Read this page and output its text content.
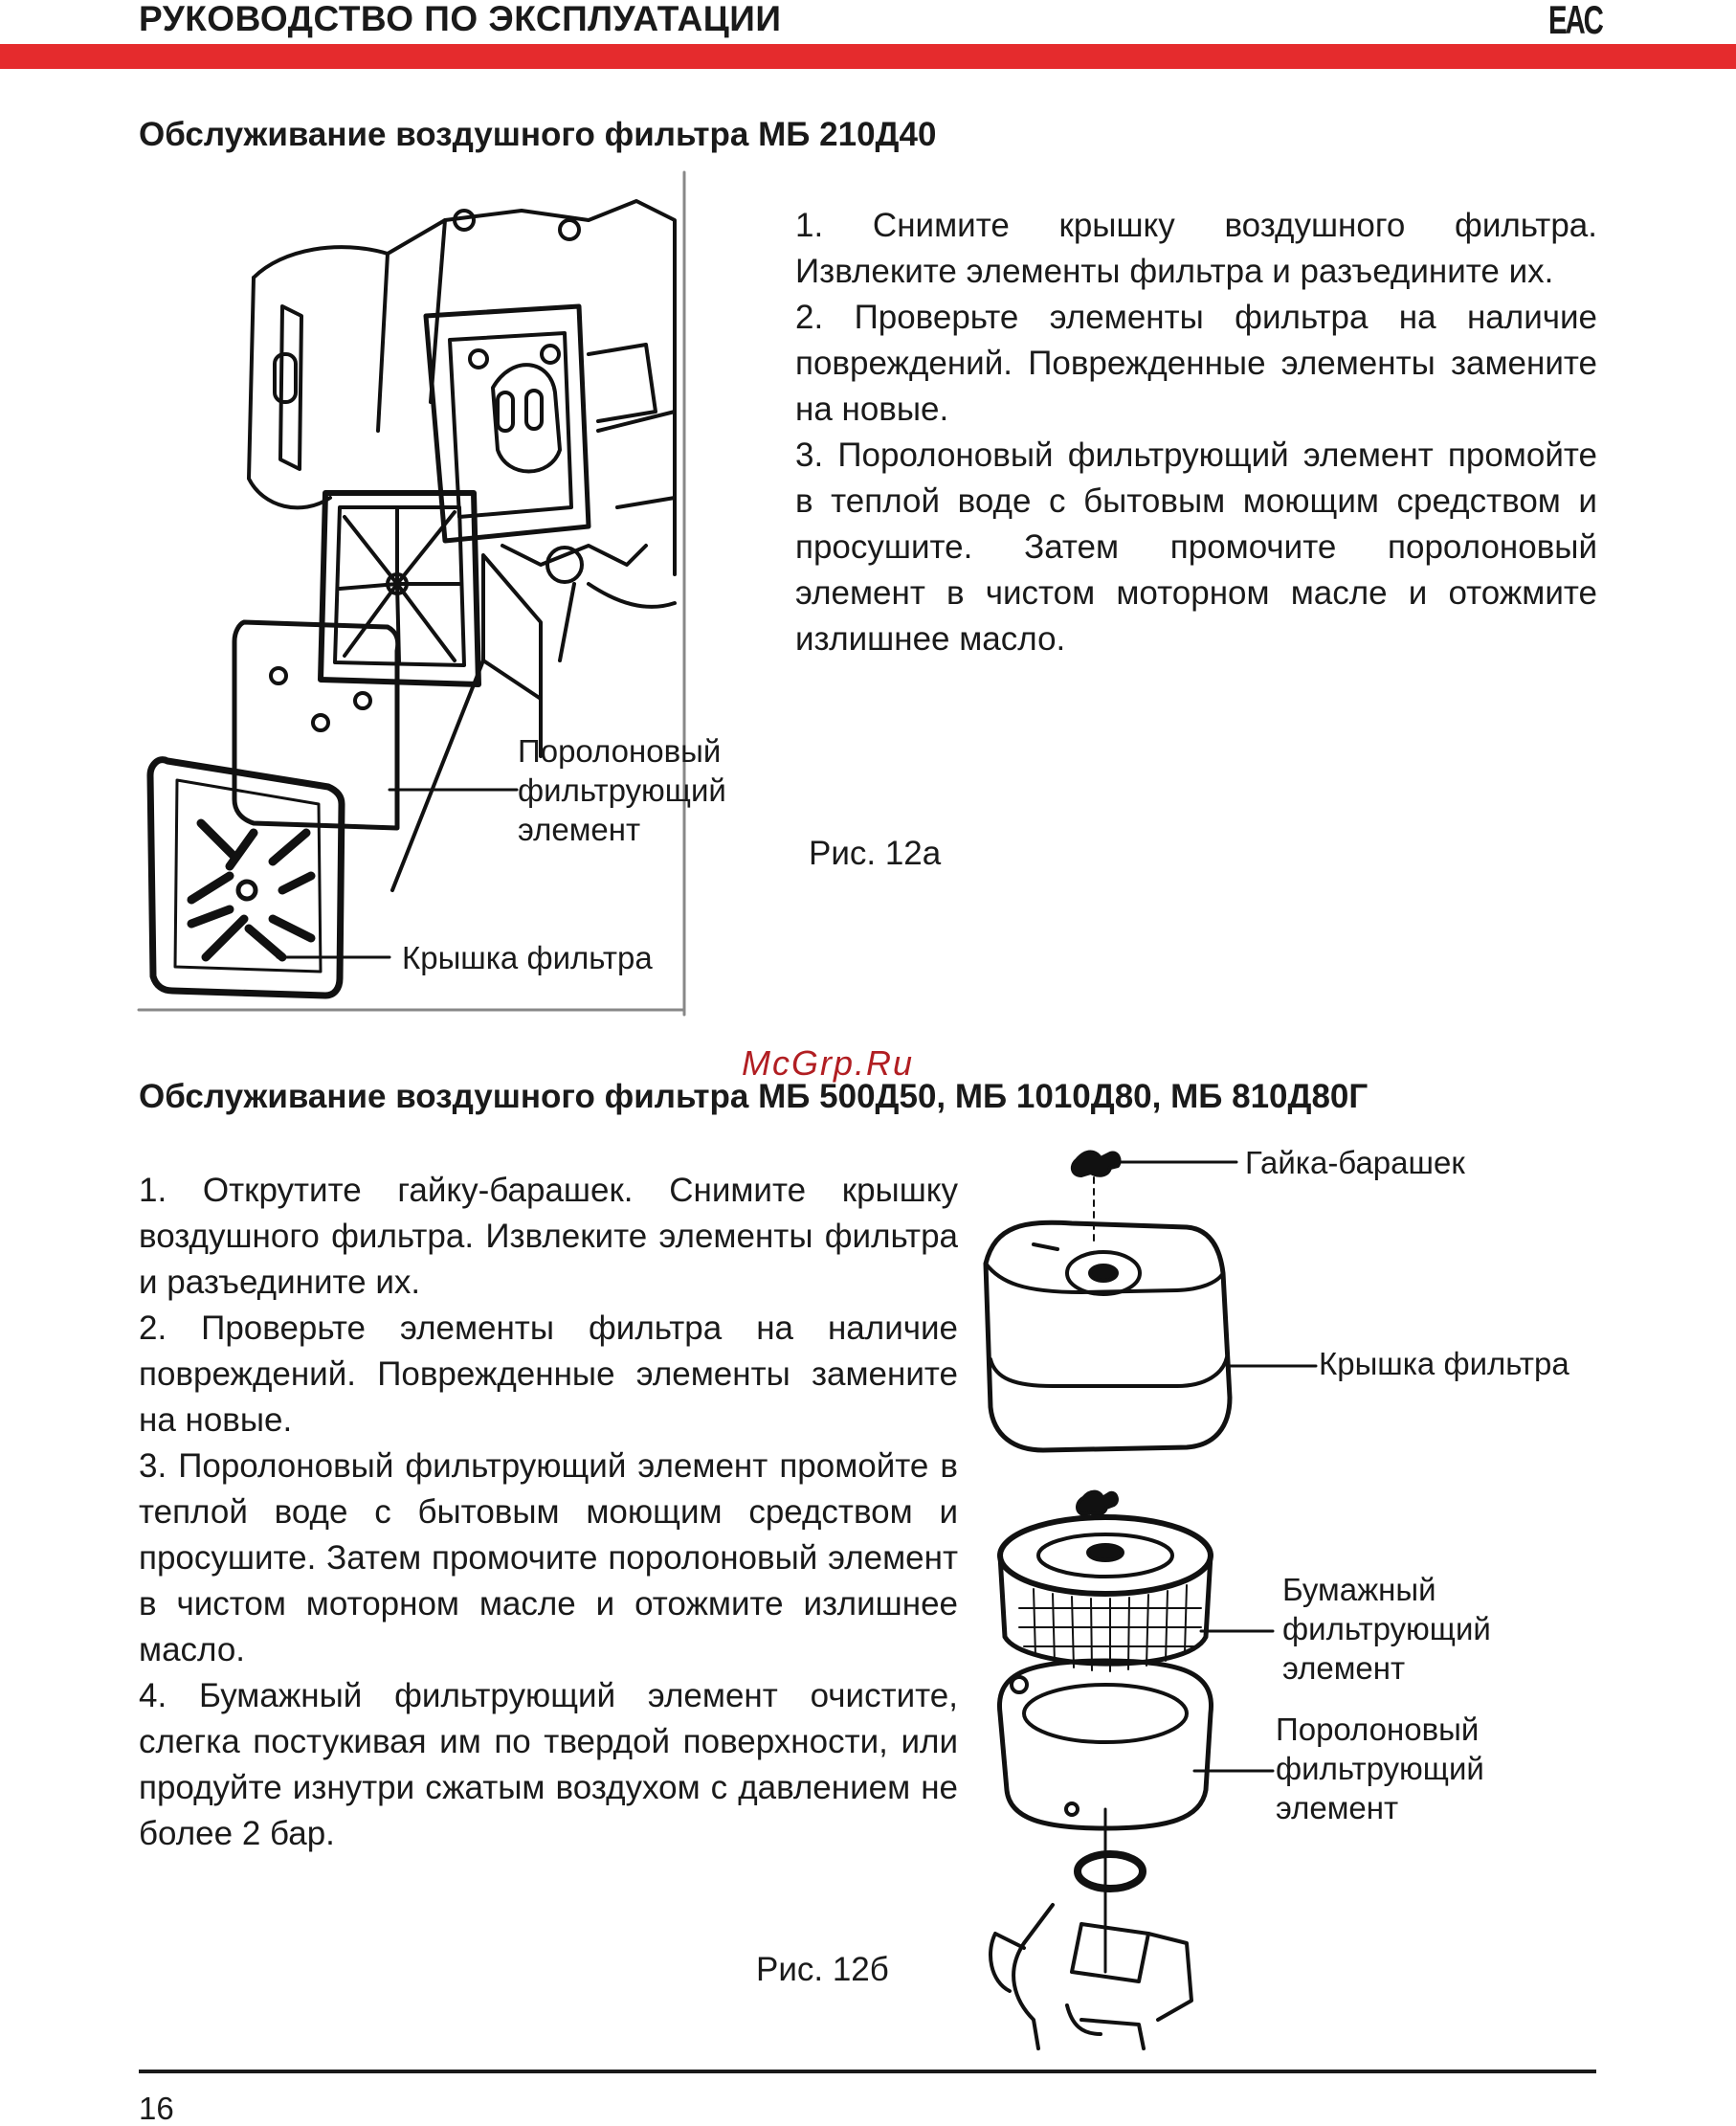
РУКОВОДСТВО ПО ЭКСПЛУАТАЦИИ	EAC
Обслуживание воздушного фильтра МБ 210Д40
Поролоновый
фильтрующий
элемент
Крышка фильтра

1. Снимите крышку воздушного фильтра. Извлеките элементы фильтра и разъедините их.

2. Проверьте элементы фильтра на наличие повреждений. Поврежденные элементы замените на новые.

3. Поролоновый фильтрующий элемент промойте в теплой воде с бытовым моющим средством и просушите. Затем промочите поролоновый элемент в чистом моторном масле и отожмите излишнее масло.

Рис. 12а
McGrp.Ru
Обслуживание воздушного фильтра МБ 500Д50, МБ 1010Д80, МБ 810Д80Г

1. Открутите гайку-барашек. Снимите крышку воздушного фильтра. Извлеките элементы фильтра и разъедините их.

2. Проверьте элементы фильтра на наличие повреждений. Поврежденные элементы замените на новые.

3. Поролоновый фильтрующий элемент промойте в теплой воде с бытовым моющим средством и просушите. Затем промочите поролоновый элемент в чистом моторном масле и отожмите излишнее масло.

4. Бумажный фильтрующий элемент очистите, слегка постукивая им по твердой поверхности, или продуйте изнутри сжатым воздухом с давлением не более 2 бар.

Рис. 12б
Гайка-барашек
Крышка фильтра
Бумажный
фильтрующий
элемент
Поролоновый
фильтрующий
элемент
16
